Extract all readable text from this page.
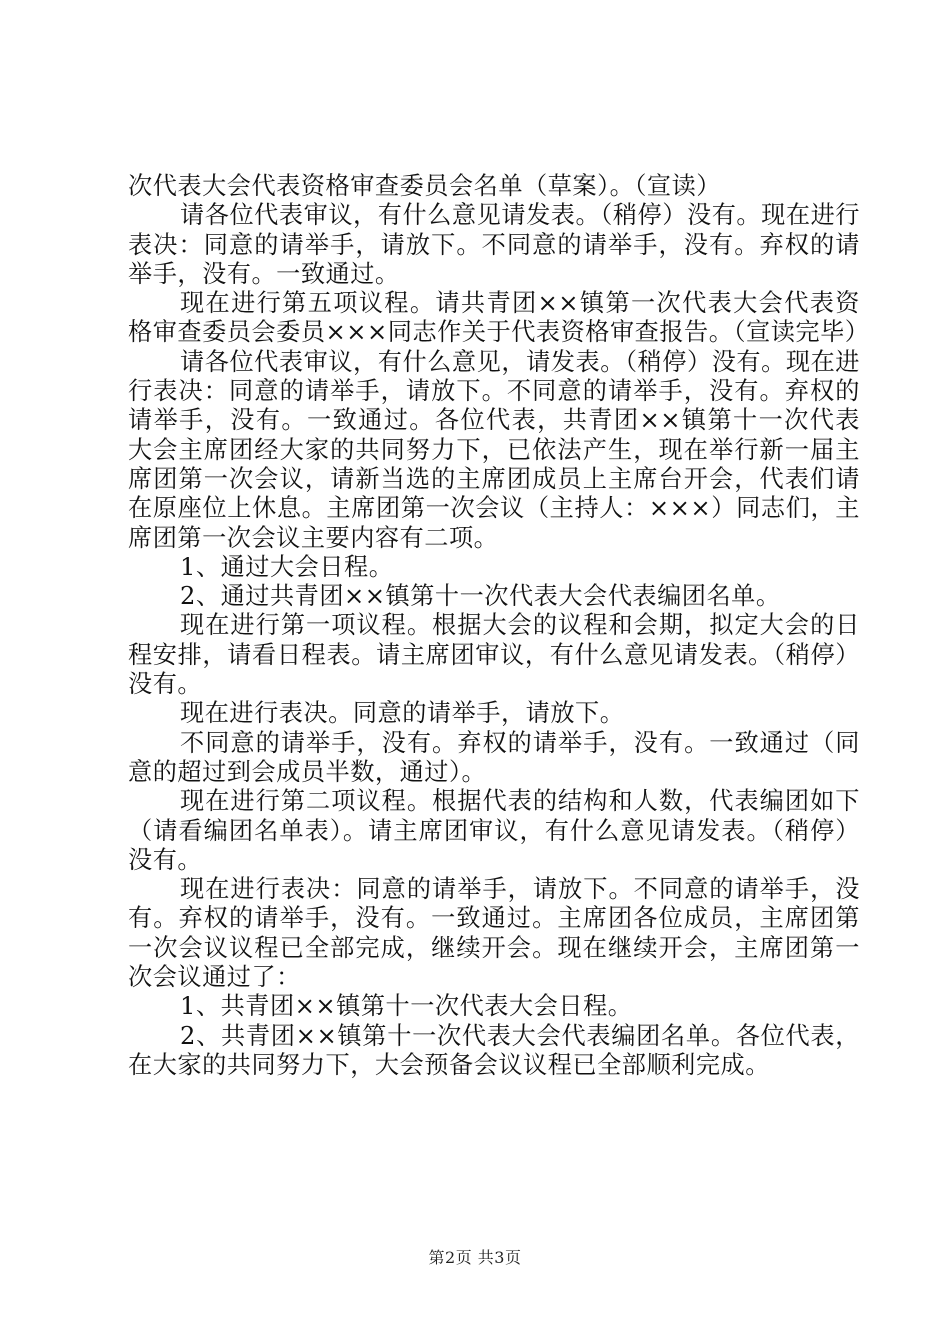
次代表大会代表资格审查委员会名单（草案）。（宣读）

请各位代表审议，有什么意见请发表。（稍停）没有。现在进行表决：同意的请举手，请放下。不同意的请举手，没有。弃权的请举手，没有。一致通过。

现在进行第五项议程。请共青团××镇第一次代表大会代表资格审查委员会委员×××同志作关于代表资格审查报告。（宣读完毕）

请各位代表审议，有什么意见，请发表。（稍停）没有。现在进行表决：同意的请举手，请放下。不同意的请举手，没有。弃权的请举手，没有。一致通过。各位代表，共青团××镇第十一次代表大会主席团经大家的共同努力下，已依法产生，现在举行新一届主席团第一次会议，请新当选的主席团成员上主席台开会，代表们请在原座位上休息。主席团第一次会议（主持人：×××）同志们，主席团第一次会议主要内容有二项。

1、通过大会日程。

2、通过共青团××镇第十一次代表大会代表编团名单。

现在进行第一项议程。根据大会的议程和会期，拟定大会的日程安排，请看日程表。请主席团审议，有什么意见请发表。（稍停）没有。

现在进行表决。同意的请举手，请放下。

不同意的请举手，没有。弃权的请举手，没有。一致通过（同意的超过到会成员半数，通过）。

现在进行第二项议程。根据代表的结构和人数，代表编团如下（请看编团名单表）。请主席团审议，有什么意见请发表。（稍停）没有。

现在进行表决：同意的请举手，请放下。不同意的请举手，没有。弃权的请举手，没有。一致通过。主席团各位成员，主席团第一次会议议程已全部完成，继续开会。现在继续开会，主席团第一次会议通过了：

1、共青团××镇第十一次代表大会日程。

2、共青团××镇第十一次代表大会代表编团名单。各位代表，在大家的共同努力下，大会预备会议议程已全部顺利完成。

第2页 共3页
